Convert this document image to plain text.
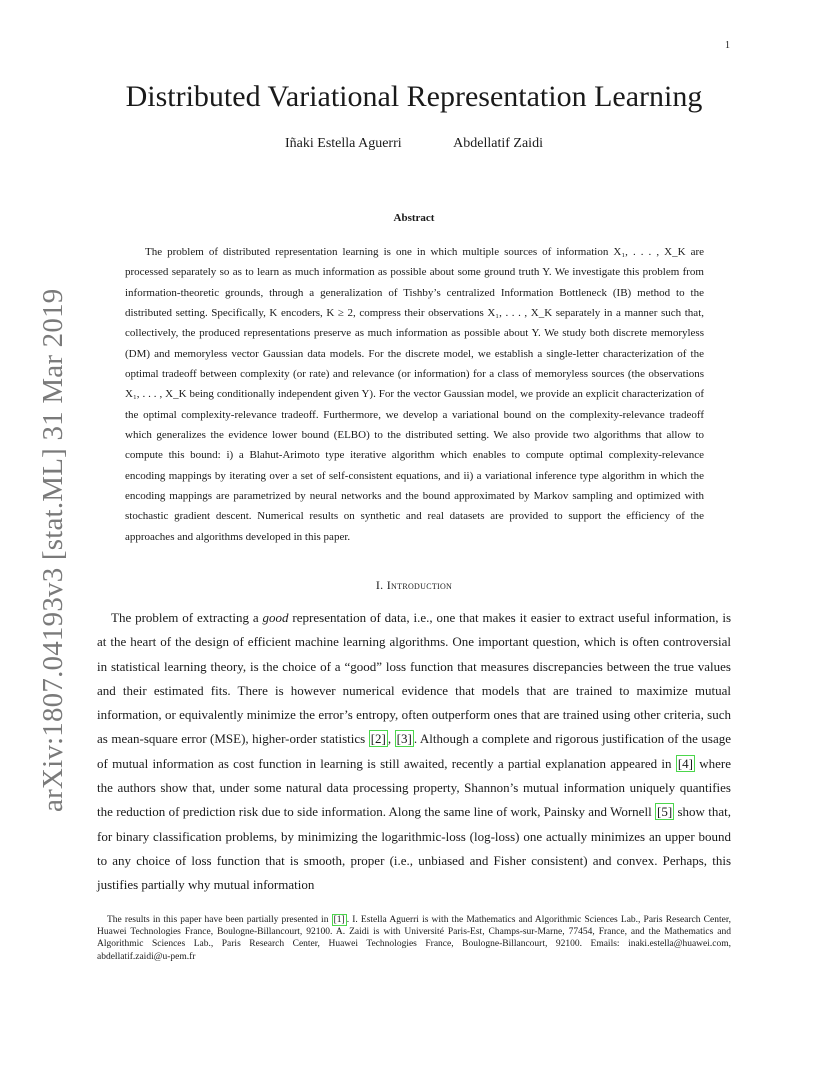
1
arXiv:1807.04193v3 [stat.ML] 31 Mar 2019
Distributed Variational Representation Learning
Iñaki Estella Aguerri	Abdellatif Zaidi
Abstract

The problem of distributed representation learning is one in which multiple sources of information X₁, . . . , X_K are processed separately so as to learn as much information as possible about some ground truth Y. We investigate this problem from information-theoretic grounds, through a generalization of Tishby’s centralized Information Bottleneck (IB) method to the distributed setting. Specifically, K encoders, K ≥ 2, compress their observations X₁, . . . , X_K separately in a manner such that, collectively, the produced representations preserve as much information as possible about Y. We study both discrete memoryless (DM) and memoryless vector Gaussian data models. For the discrete model, we establish a single-letter characterization of the optimal tradeoff between complexity (or rate) and relevance (or information) for a class of memoryless sources (the observations X₁, . . . , X_K being conditionally independent given Y). For the vector Gaussian model, we provide an explicit characterization of the optimal complexity-relevance tradeoff. Furthermore, we develop a variational bound on the complexity-relevance tradeoff which generalizes the evidence lower bound (ELBO) to the distributed setting. We also provide two algorithms that allow to compute this bound: i) a Blahut-Arimoto type iterative algorithm which enables to compute optimal complexity-relevance encoding mappings by iterating over a set of self-consistent equations, and ii) a variational inference type algorithm in which the encoding mappings are parametrized by neural networks and the bound approximated by Markov sampling and optimized with stochastic gradient descent. Numerical results on synthetic and real datasets are provided to support the efficiency of the approaches and algorithms developed in this paper.

I. Introduction

The problem of extracting a good representation of data, i.e., one that makes it easier to extract useful information, is at the heart of the design of efficient machine learning algorithms. One important question, which is often controversial in statistical learning theory, is the choice of a “good” loss function that measures discrepancies between the true values and their estimated fits. There is however numerical evidence that models that are trained to maximize mutual information, or equivalently minimize the error’s entropy, often outperform ones that are trained using other criteria, such as mean-square error (MSE), higher-order statistics [2] , [3] . Although a complete and rigorous justification of the usage of mutual information as cost function in learning is still awaited, recently a partial explanation appeared in [4] where the authors show that, under some natural data processing property, Shannon’s mutual information uniquely quantifies the reduction of prediction risk due to side information. Along the same line of work, Painsky and Wornell [5] show that, for binary classification problems, by minimizing the logarithmic-loss (log-loss) one actually minimizes an upper bound to any choice of loss function that is smooth, proper (i.e., unbiased and Fisher consistent) and convex. Perhaps, this justifies partially why mutual information

The results in this paper have been partially presented in [1] . I. Estella Aguerri is with the Mathematics and Algorithmic Sciences Lab., Paris Research Center, Huawei Technologies France, Boulogne-Billancourt, 92100. A. Zaidi is with Université Paris-Est, Champs-sur-Marne, 77454, France, and the Mathematics and Algorithmic Sciences Lab., Paris Research Center, Huawei Technologies France, Boulogne-Billancourt, 92100. Emails: inaki.estella@huawei.com, abdellatif.zaidi@u-pem.fr
